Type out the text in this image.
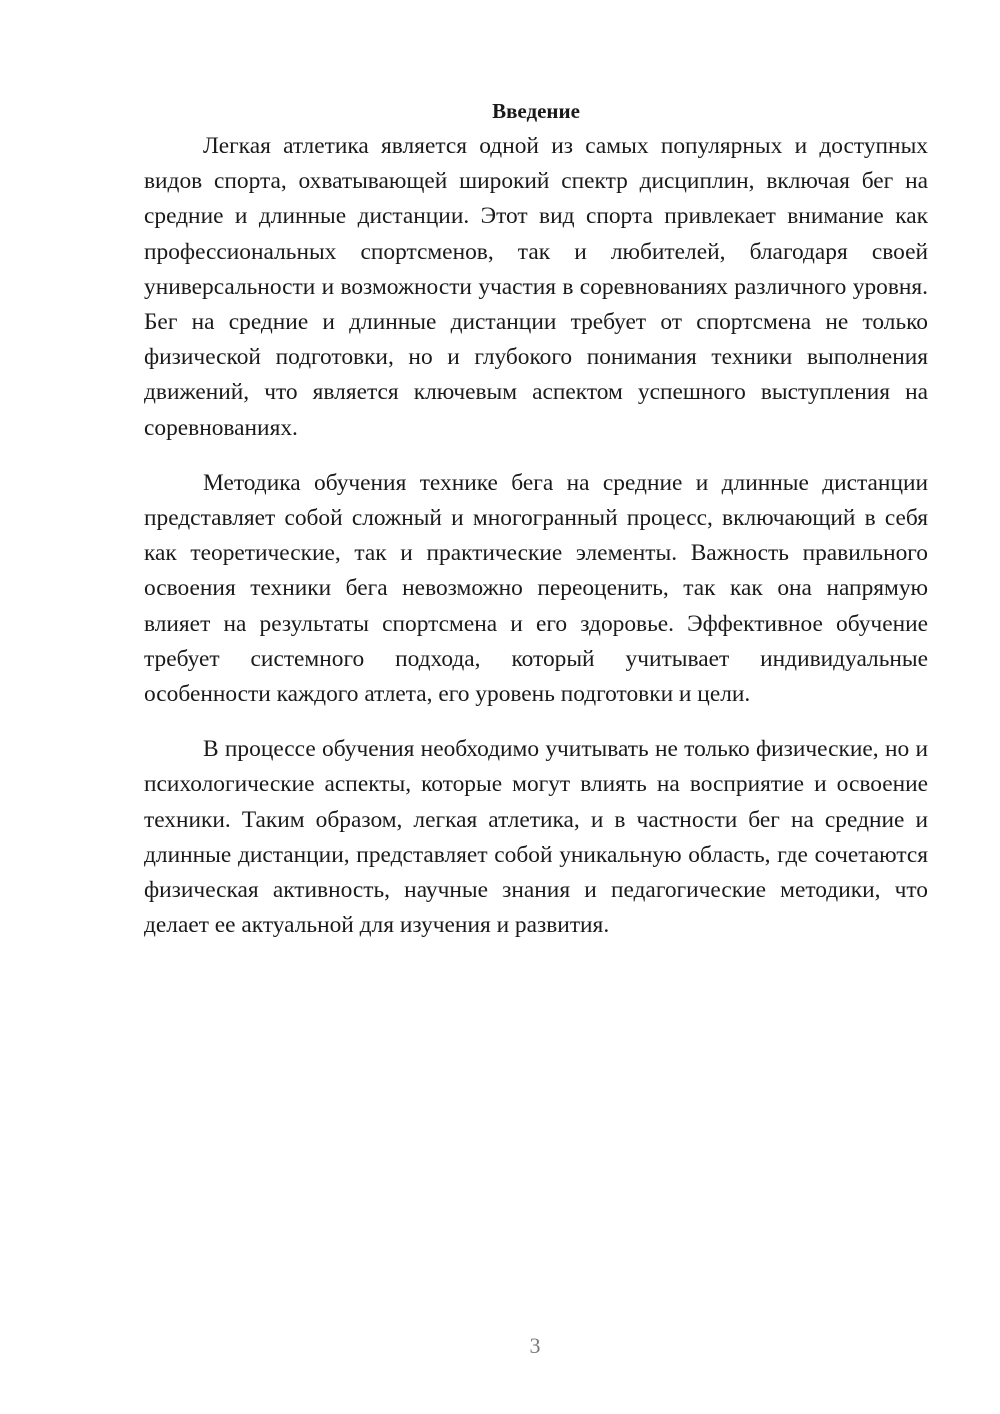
Введение

Легкая атлетика является одной из самых популярных и доступных видов спорта, охватывающей широкий спектр дисциплин, включая бег на средние и длинные дистанции. Этот вид спорта привлекает внимание как профессиональных спортсменов, так и любителей, благодаря своей универсальности и возможности участия в соревнованиях различного уровня. Бег на средние и длинные дистанции требует от спортсмена не только физической подготовки, но и глубокого понимания техники выполнения движений, что является ключевым аспектом успешного выступления на соревнованиях.

Методика обучения технике бега на средние и длинные дистанции представляет собой сложный и многогранный процесс, включающий в себя как теоретические, так и практические элементы. Важность правильного освоения техники бега невозможно переоценить, так как она напрямую влияет на результаты спортсмена и его здоровье. Эффективное обучение требует системного подхода, который учитывает индивидуальные особенности каждого атлета, его уровень подготовки и цели.

В процессе обучения необходимо учитывать не только физические, но и психологические аспекты, которые могут влиять на восприятие и освоение техники. Таким образом, легкая атлетика, и в частности бег на средние и длинные дистанции, представляет собой уникальную область, где сочетаются физическая активность, научные знания и педагогические методики, что делает ее актуальной для изучения и развития.

3
